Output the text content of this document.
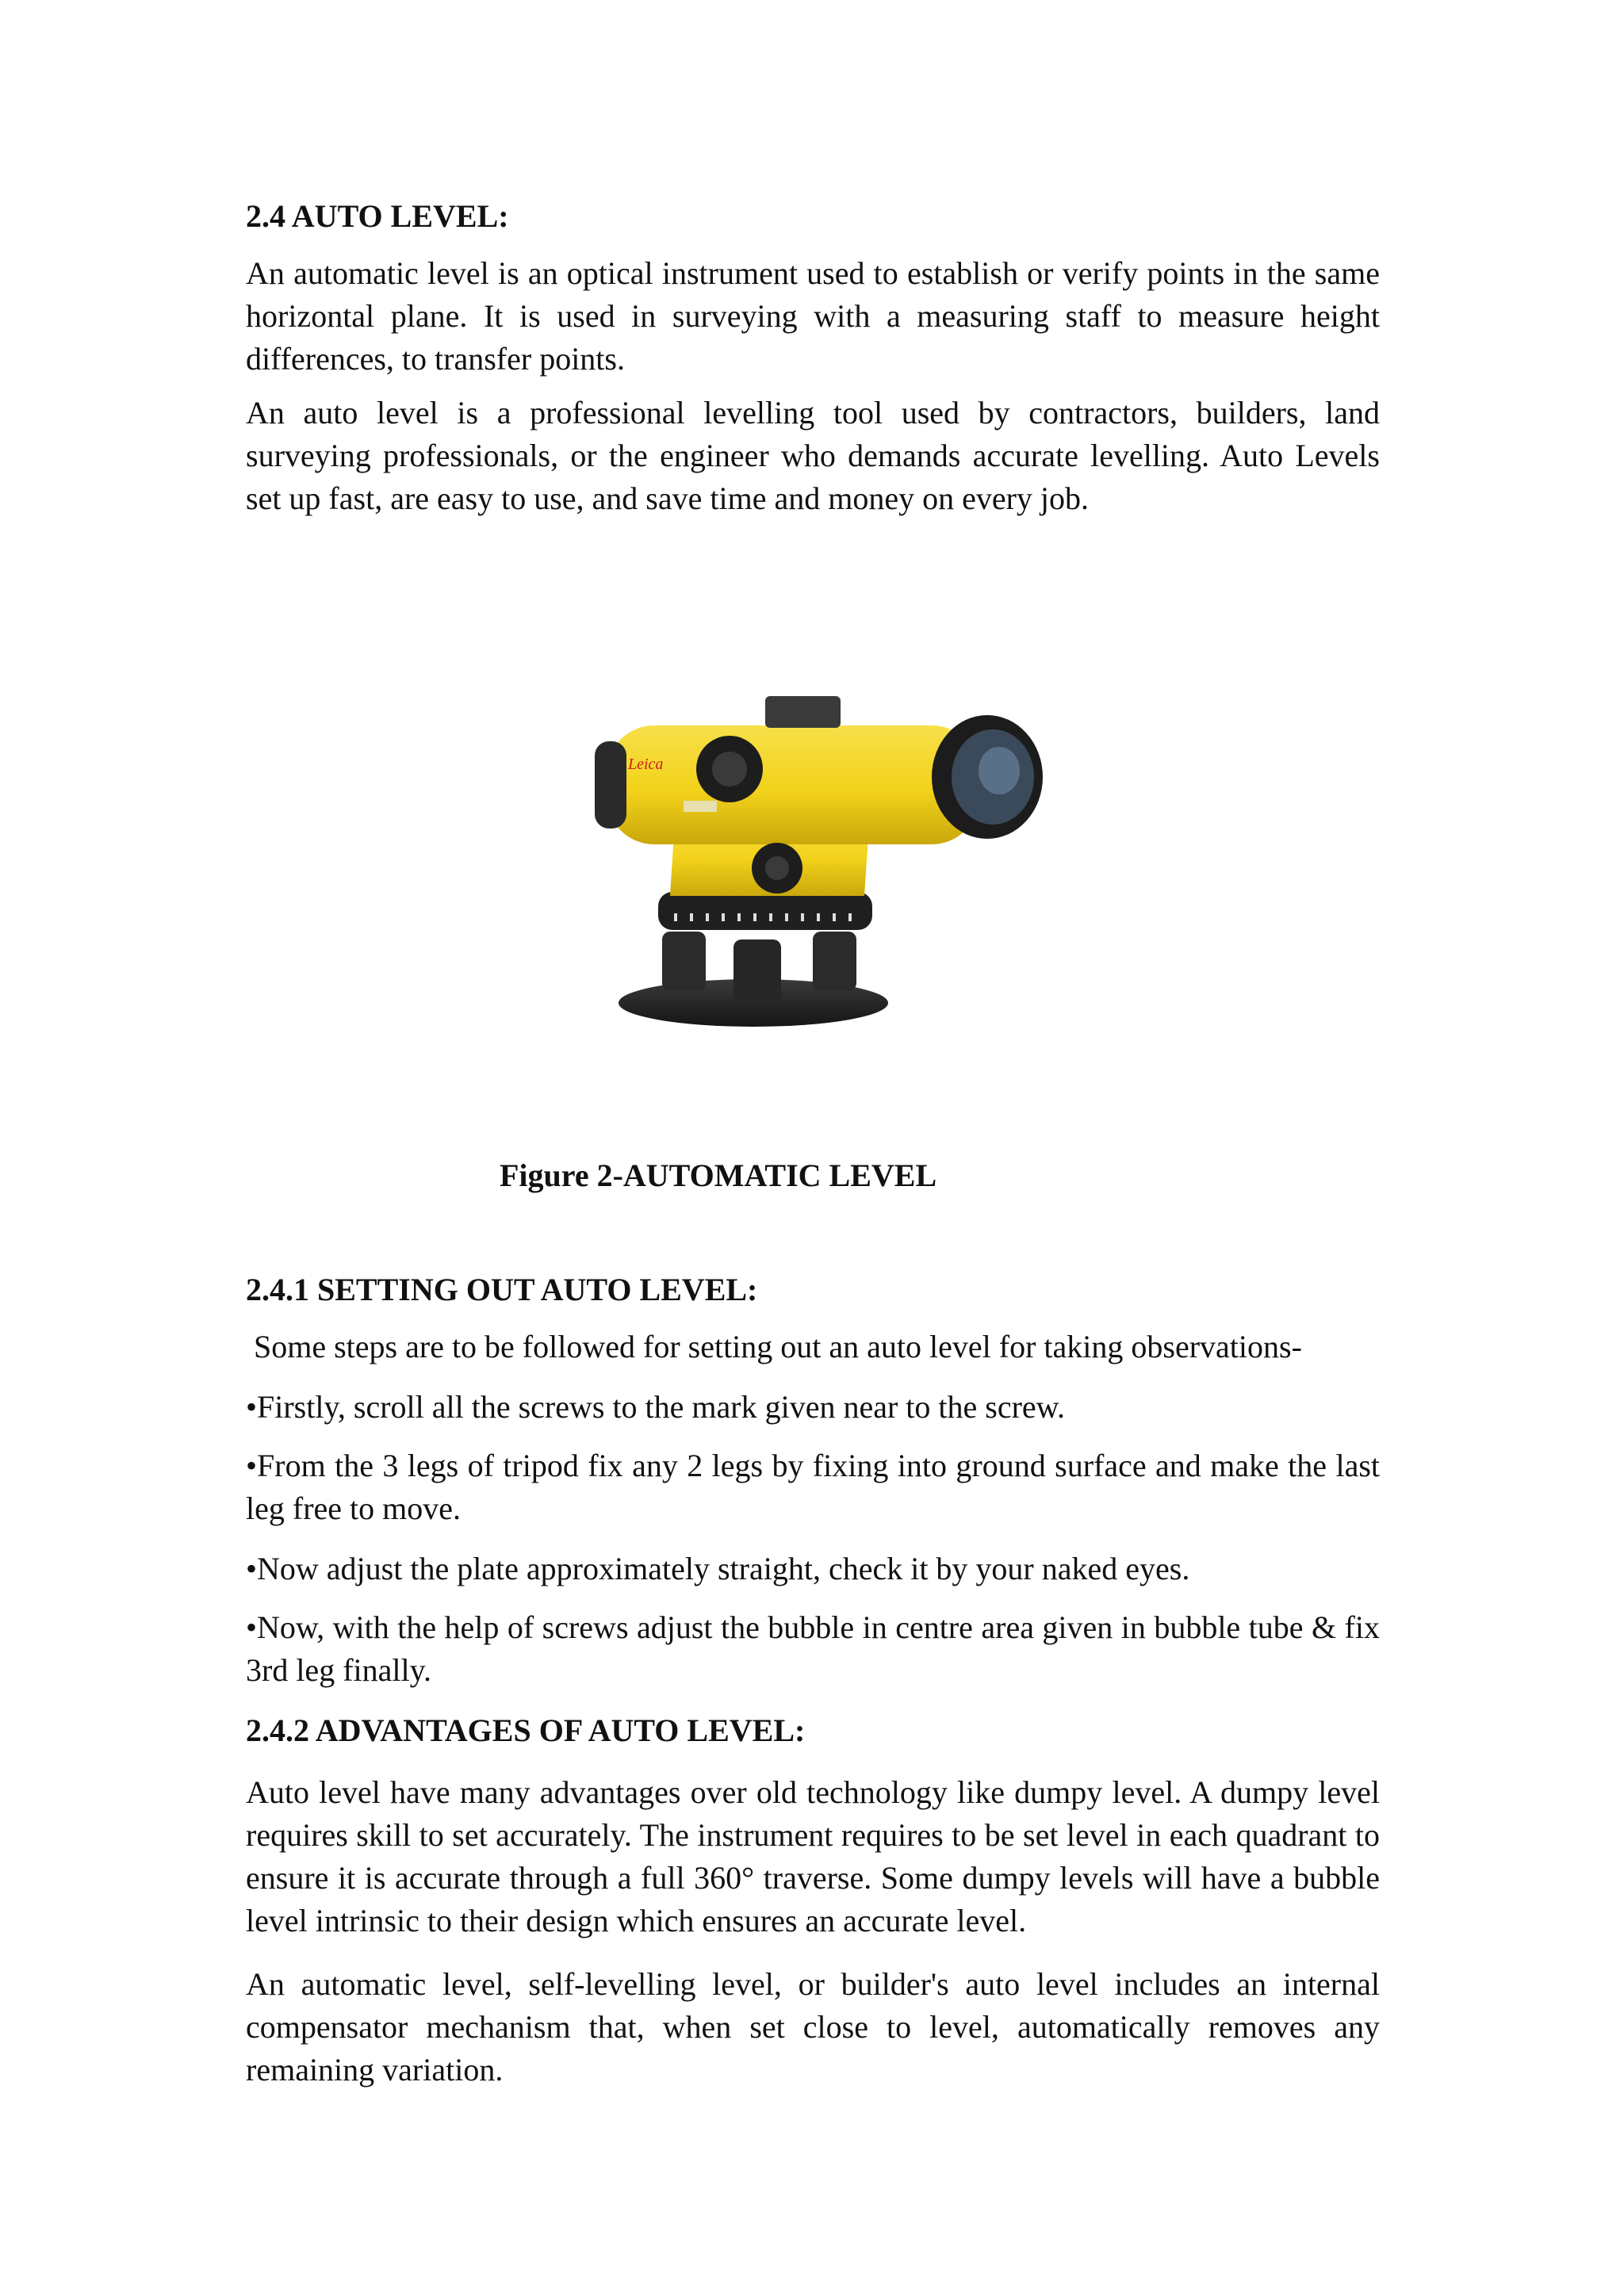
2.4 AUTO LEVEL:

An automatic level is an optical instrument used to establish or verify points in the same horizontal plane. It is used in surveying with a measuring staff to measure height differences, to transfer points.

An auto level is a professional levelling tool used by contractors, builders, land surveying professionals, or the engineer who demands accurate levelling. Auto Levels set up fast, are easy to use, and save time and money on every job.

Leica
Figure 2-AUTOMATIC LEVEL
2.4.1 SETTING OUT AUTO LEVEL:

Some steps are to be followed for setting out an auto level for taking observations-

•Firstly, scroll all the screws to the mark given near to the screw.

•From the 3 legs of tripod fix any 2 legs by fixing into ground surface and make the last leg free to move.

•Now adjust the plate approximately straight, check it by your naked eyes.

•Now, with the help of screws adjust the bubble in centre area given in bubble tube & fix 3rd leg finally.

2.4.2 ADVANTAGES OF AUTO LEVEL:

Auto level have many advantages over old technology like dumpy level. A dumpy level requires skill to set accurately. The instrument requires to be set level in each quadrant to ensure it is accurate through a full 360° traverse. Some dumpy levels will have a bubble level intrinsic to their design which ensures an accurate level.

An automatic level, self-levelling level, or builder's auto level includes an internal compensator mechanism that, when set close to level, automatically removes any remaining variation.
